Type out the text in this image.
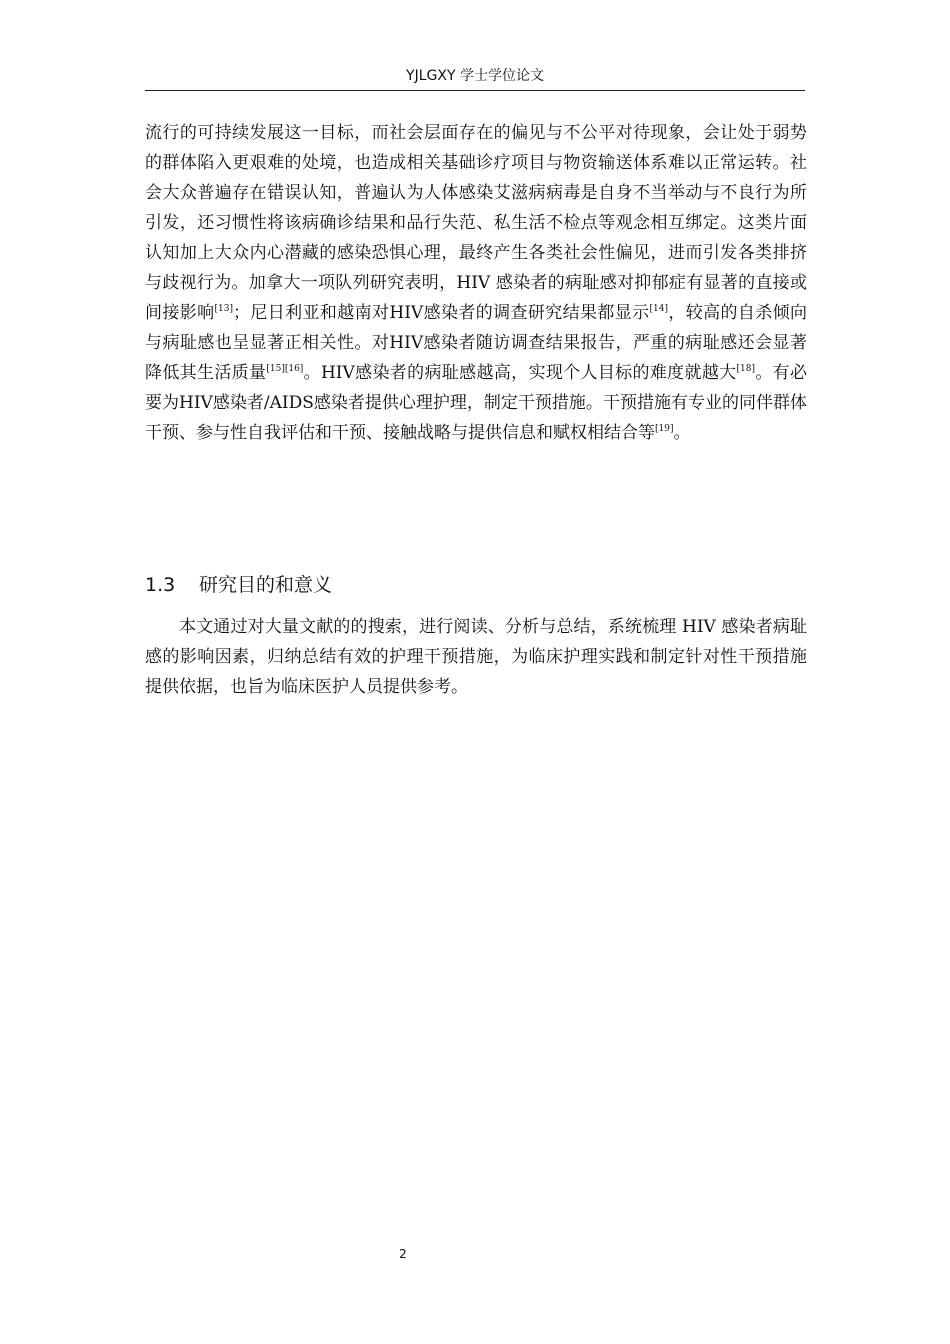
YJLGXY 学士学位论文

流行的可持续发展这一目标，而社会层面存在的偏见与不公平对待现象，会让处于弱势的群体陷入更艰难的处境，也造成相关基础诊疗项目与物资输送体系难以正常运转。社会大众普遍存在错误认知，普遍认为人体感染艾滋病病毒是自身不当举动与不良行为所引发，还习惯性将该病确诊结果和品行失范、私生活不检点等观念相互绑定。这类片面认知加上大众内心潜藏的感染恐惧心理，最终产生各类社会性偏见，进而引发各类排挤与歧视行为。加拿大一项队列研究表明，HIV 感染者的病耻感对抑郁症有显著的直接或间接影响[13]；尼日利亚和越南对HIV感染者的调查研究结果都显示[14]，较高的自杀倾向与病耻感也呈显著正相关性。对HIV感染者随访调查结果报告，严重的病耻感还会显著降低其生活质量[15][16]。HIV感染者的病耻感越高，实现个人目标的难度就越大[18]。有必要为HIV感染者/AIDS感染者提供心理护理，制定干预措施。干预措施有专业的同伴群体干预、参与性自我评估和干预、接触战略与提供信息和赋权相结合等[19]。

1.3 研究目的和意义
本文通过对大量文献的的搜索，进行阅读、分析与总结，系统梳理 HIV 感染者病耻感的影响因素，归纳总结有效的护理干预措施，为临床护理实践和制定针对性干预措施提供依据，也旨为临床医护人员提供参考。
2
